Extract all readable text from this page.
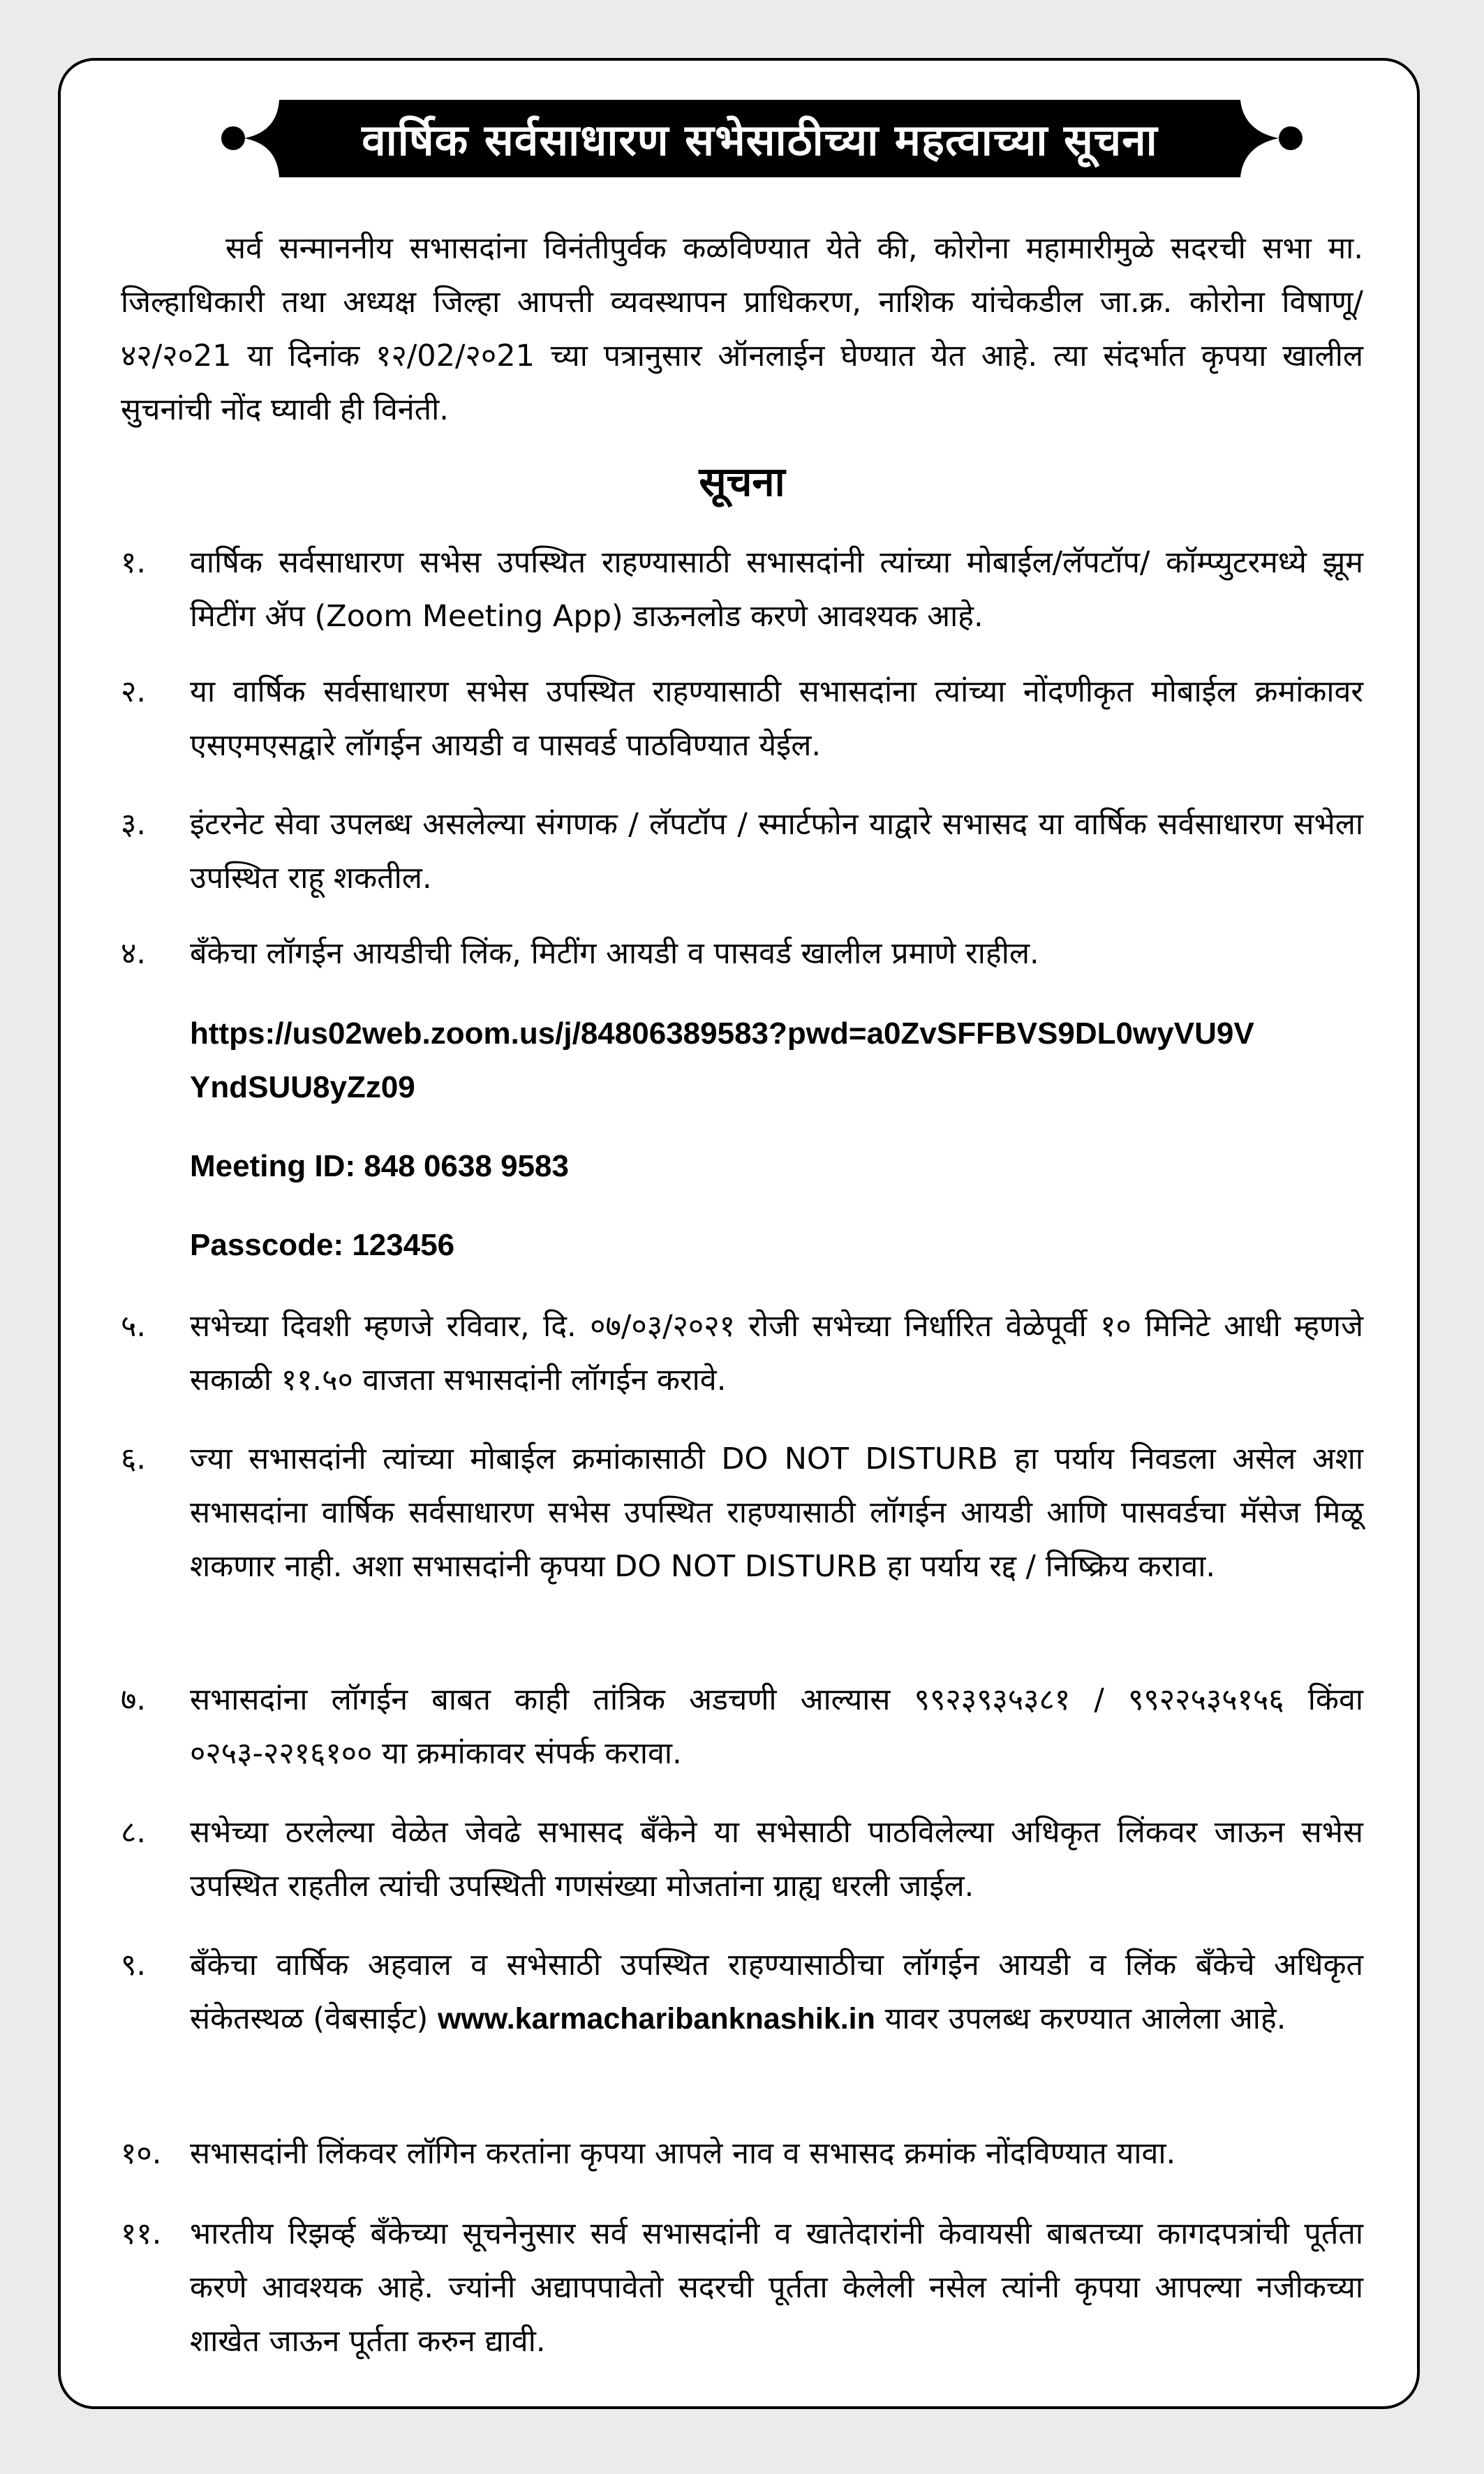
वार्षिक सर्वसाधारण सभेसाठीच्या महत्वाच्या सूचना
सर्व सन्माननीय सभासदांना विनंतीपुर्वक कळविण्यात येते की, कोरोना महामारीमुळे सदरची सभा मा. जिल्हाधिकारी तथा अध्यक्ष जिल्हा आपत्ती व्यवस्थापन प्राधिकरण, नाशिक यांचेकडील जा.क्र. कोरोना विषाणू/४२/२०21 या दिनांक १२/02/२०21 च्या पत्रानुसार ऑनलाईन घेण्यात येत आहे. त्या संदर्भात कृपया खालील सुचनांची नोंद घ्यावी ही विनंती.
सूचना
१.	वार्षिक सर्वसाधारण सभेस उपस्थित राहण्यासाठी सभासदांनी त्यांच्या मोबाईल/लॅपटॉप/ कॉम्प्युटरमध्ये झूम मिटींग ॲप (Zoom Meeting App) डाऊनलोड करणे आवश्यक आहे.
२.	या वार्षिक सर्वसाधारण सभेस उपस्थित राहण्यासाठी सभासदांना त्यांच्या नोंदणीकृत मोबाईल क्रमांकावर एसएमएसद्वारे लॉगईन आयडी व पासवर्ड पाठविण्यात येईल.
३.	इंटरनेट सेवा उपलब्ध असलेल्या संगणक / लॅपटॉप / स्मार्टफोन याद्वारे सभासद या वार्षिक सर्वसाधारण सभेला उपस्थित राहू शकतील.
४.	बॅंकेचा लॉगईन आयडीची लिंक, मिटींग आयडी व पासवर्ड खालील प्रमाणे राहील.
https://us02web.zoom.us/j/84806389583?pwd=a0ZvSFFBVS9DL0wyVU9V
YndSUU8yZz09
Meeting ID: 848 0638 9583
Passcode: 123456
५.	सभेच्या दिवशी म्हणजे रविवार, दि. ०७/०३/२०२१ रोजी सभेच्या निर्धारित वेळेपूर्वी १० मिनिटे आधी म्हणजे सकाळी ११.५० वाजता सभासदांनी लॉगईन करावे.
६.	ज्या सभासदांनी त्यांच्या मोबाईल क्रमांकासाठी DO NOT DISTURB हा पर्याय निवडला असेल अशा सभासदांना वार्षिक सर्वसाधारण सभेस उपस्थित राहण्यासाठी लॉगईन आयडी आणि पासवर्डचा मॅसेज मिळू शकणार नाही. अशा सभासदांनी कृपया DO NOT DISTURB हा पर्याय रद्द / निष्क्रिय करावा.
७.	सभासदांना लॉगईन बाबत काही तांत्रिक अडचणी आल्यास ९९२३९३५३८१ / ९९२२५३५१५६ किंवा ०२५३-२२१६१०० या क्रमांकावर संपर्क करावा.
८.	सभेच्या ठरलेल्या वेळेत जेवढे सभासद बॅंकेने या सभेसाठी पाठविलेल्या अधिकृत लिंकवर जाऊन सभेस उपस्थित राहतील त्यांची उपस्थिती गणसंख्या मोजतांना ग्राह्य धरली जाईल.
९.	बॅंकेचा वार्षिक अहवाल व सभेसाठी उपस्थित राहण्यासाठीचा लॉगईन आयडी व लिंक बॅंकेचे अधिकृत संकेतस्थळ (वेबसाईट) www.karmacharibanknashik.in यावर उपलब्ध करण्यात आलेला आहे.
१०. सभासदांनी लिंकवर लॉगिन करतांना कृपया आपले नाव व सभासद क्रमांक नोंदविण्यात यावा.
११. भारतीय रिझर्व्ह बॅंकेच्या सूचनेनुसार सर्व सभासदांनी व खातेदारांनी केवायसी बाबतच्या कागदपत्रांची पूर्तता करणे आवश्यक आहे. ज्यांनी अद्यापपावेतो सदरची पूर्तता केलेली नसेल त्यांनी कृपया आपल्या नजीकच्या शाखेत जाऊन पूर्तता करुन द्यावी.
